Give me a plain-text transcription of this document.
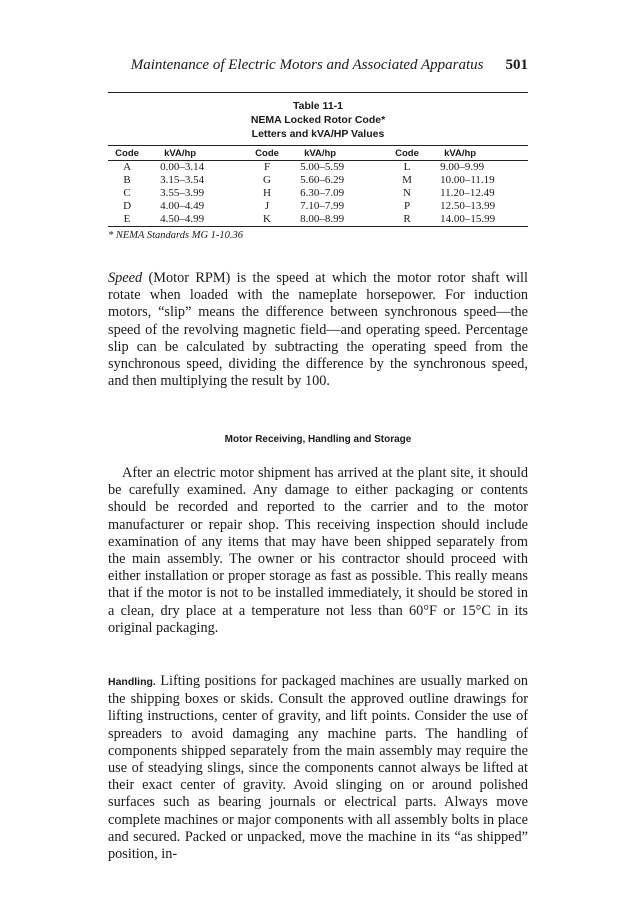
Maintenance of Electric Motors and Associated Apparatus 501
Table 11-1
NEMA Locked Rotor Code*
Letters and kVA/HP Values
Code	kVA/hp	Code	kVA/hp	Code	kVA/hp
A	0.00–3.14	F	5.00–5.59	L	9.00–9.99
B	3.15–3.54	G	5.60–6.29	M	10.00–11.19
C	3.55–3.99	H	6.30–7.09	N	11.20–12.49
D	4.00–4.49	J	7.10–7.99	P	12.50–13.99
E	4.50–4.99	K	8.00–8.99	R	14.00–15.99
* NEMA Standards MG 1-10.36

Speed (Motor RPM) is the speed at which the motor rotor shaft will rotate when loaded with the nameplate horsepower. For induction motors, “slip” means the difference between synchronous speed—the speed of the revolving magnetic field—and operating speed. Percentage slip can be calculated by subtracting the operating speed from the synchronous speed, dividing the difference by the synchronous speed, and then multiplying the result by 100.

Motor Receiving, Handling and Storage

After an electric motor shipment has arrived at the plant site, it should be carefully examined. Any damage to either packaging or contents should be recorded and reported to the carrier and to the motor manufacturer or repair shop. This receiving inspection should include examination of any items that may have been shipped separately from the main assembly. The owner or his contractor should proceed with either installation or proper storage as fast as possible. This really means that if the motor is not to be installed immediately, it should be stored in a clean, dry place at a temperature not less than 60°F or 15°C in its original packaging.

Handling. Lifting positions for packaged machines are usually marked on the shipping boxes or skids. Consult the approved outline drawings for lifting instructions, center of gravity, and lift points. Consider the use of spreaders to avoid damaging any machine parts. The handling of components shipped separately from the main assembly may require the use of steadying slings, since the components cannot always be lifted at their exact center of gravity. Avoid slinging on or around polished surfaces such as bearing journals or electrical parts. Always move complete machines or major components with all assembly bolts in place and secured. Packed or unpacked, move the machine in its “as shipped” position, in-
